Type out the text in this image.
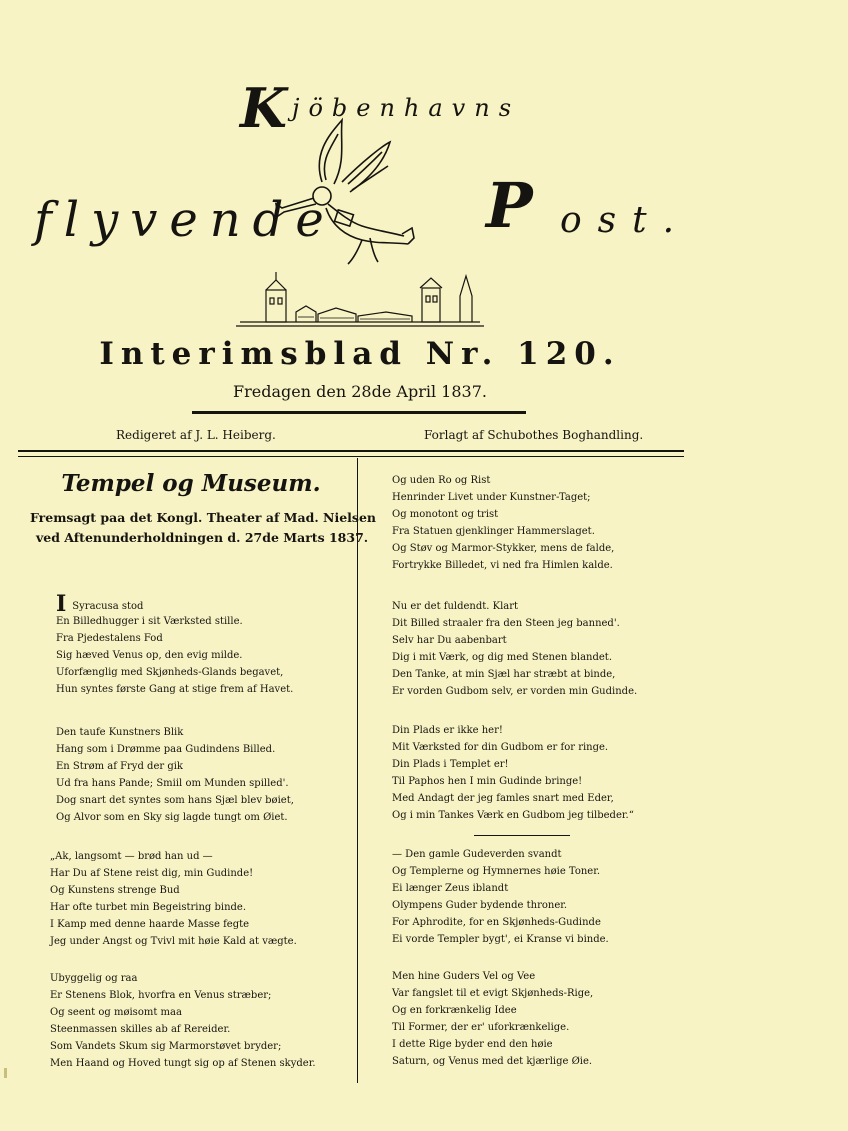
K jöbenhavns
flyvende P ost.
Interimsblad Nr. 120.
Fredagen den 28de April 1837.
Redigeret af J. L. Heiberg.	Forlagt af Schubothes Boghandling.
Tempel og Museum.
Fremsagt paa det Kongl. Theater af Mad. Nielsen
ved Aftenunderholdningen d. 27de Marts 1837.
I Syracusa stod
En Billedhugger i sit Værksted stille.
Fra Pjedestalens Fod
Sig hæved Venus op, den evig milde.
Uforfænglig med Skjønheds-Glands begavet,
Hun syntes første Gang at stige frem af Havet.
Den taufe Kunstners Blik
Hang som i Drømme paa Gudindens Billed.
En Strøm af Fryd der gik
Ud fra hans Pande; Smiil om Munden spilled'.
Dog snart det syntes som hans Sjæl blev bøiet,
Og Alvor som en Sky sig lagde tungt om Øiet.
„Ak, langsomt — brød han ud —
Har Du af Stene reist dig, min Gudinde!
Og Kunstens strenge Bud
Har ofte turbet min Begeistring binde.
I Kamp med denne haarde Masse fegte
Jeg under Angst og Tvivl mit høie Kald at vægte.
Ubyggelig og raa
Er Stenens Blok, hvorfra en Venus stræber;
Og seent og møisomt maa
Steenmassen skilles ab af Rereider.
Som Vandets Skum sig Marmorstøvet bryder;
Men Haand og Hoved tungt sig op af Stenen skyder.
Og uden Ro og Rist
Henrinder Livet under Kunstner-Taget;
Og monotont og trist
Fra Statuen gjenklinger Hammerslaget.
Og Støv og Marmor-Stykker, mens de falde,
Fortrykke Billedet, vi ned fra Himlen kalde.
Nu er det fuldendt. Klart
Dit Billed straaler fra den Steen jeg banned'.
Selv har Du aabenbart
Dig i mit Værk, og dig med Stenen blandet.
Den Tanke, at min Sjæl har stræbt at binde,
Er vorden Gudbom selv, er vorden min Gudinde.
Din Plads er ikke her!
Mit Værksted for din Gudbom er for ringe.
Din Plads i Templet er!
Til Paphos hen I min Gudinde bringe!
Med Andagt der jeg famles snart med Eder,
Og i min Tankes Værk en Gudbom jeg tilbeder.“
— Den gamle Gudeverden svandt
Og Templerne og Hymnernes høie Toner.
Ei længer Zeus iblandt
Olympens Guder bydende throner.
For Aphrodite, for en Skjønheds-Gudinde
Ei vorde Templer bygt', ei Kranse vi binde.
Men hine Guders Vel og Vee
Var fangslet til et evigt Skjønheds-Rige,
Og en forkrænkelig Idee
Til Former, der er' uforkrænkelige.
I dette Rige byder end den høie
Saturn, og Venus med det kjærlige Øie.
